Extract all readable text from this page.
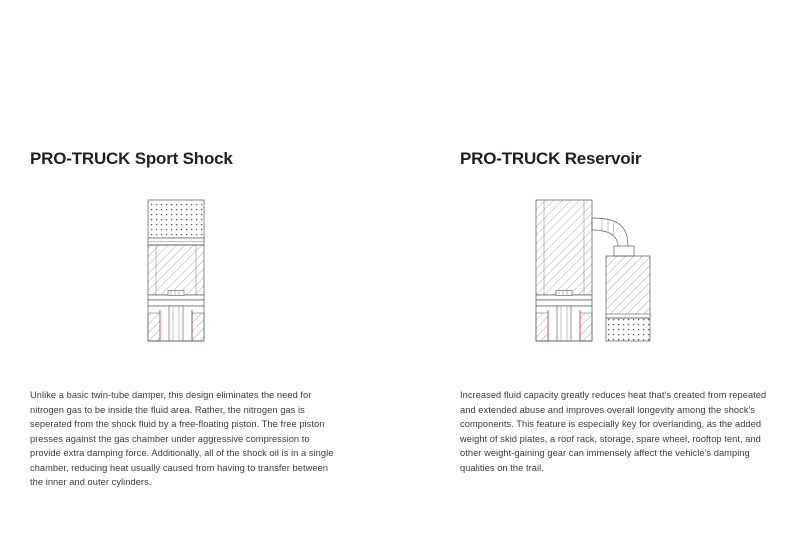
PRO-TRUCK Sport Shock

Unlike a basic twin-tube damper, this design eliminates the need for nitrogen gas to be inside the fluid area. Rather, the nitrogen gas is seperated from the shock fluid by a free-floating piston. The free piston presses against the gas chamber under aggressive compression to provide extra damping force. Additionally, all of the shock oil is in a single chamber, reducing heat usually caused from having to transfer between the inner and outer cylinders.

PRO-TRUCK Reservoir

Increased fluid capacity greatly reduces heat that's created from repeated and extended abuse and improves overall longevity among the shock's components. This feature is especially key for overlanding, as the added weight of skid plates, a roof rack, storage, spare wheel, rooftop tent, and other weight-gaining gear can immensely affect the vehicle's damping qualities on the trail.
